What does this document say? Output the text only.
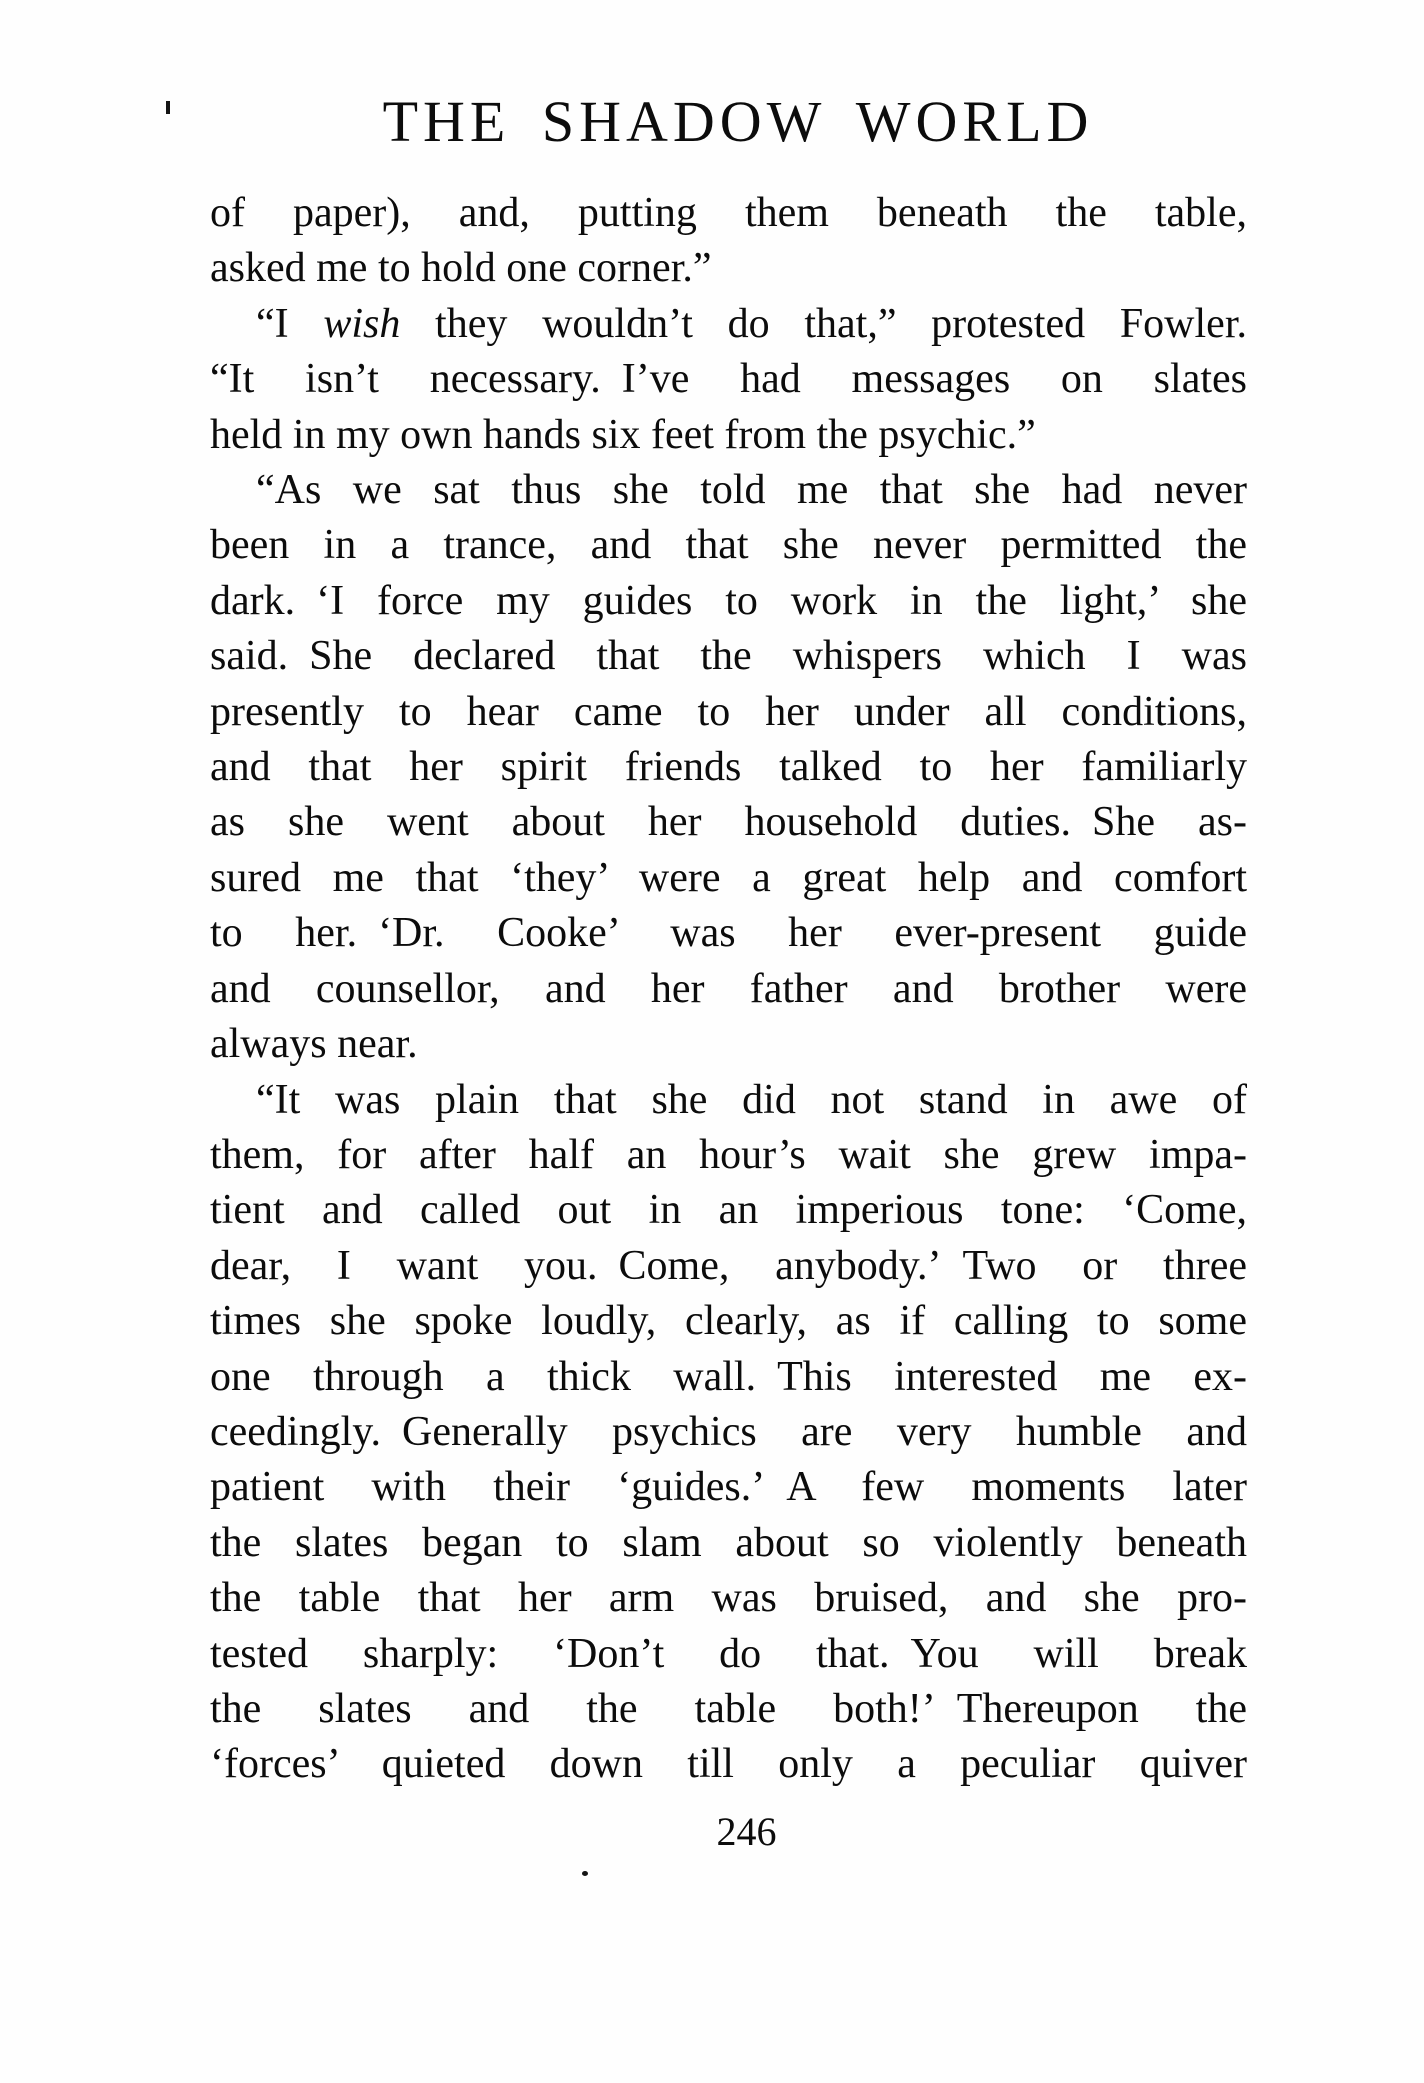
THE SHADOW WORLD
of paper), and, putting them beneath the table,
asked me to hold one corner.”
“I wish they wouldn’t do that,” protested Fowler.
“It isn’t necessary. I’ve had messages on slates
held in my own hands six feet from the psychic.”
“As we sat thus she told me that she had never
been in a trance, and that she never permitted the
dark. ‘I force my guides to work in the light,’ she
said. She declared that the whispers which I was
presently to hear came to her under all conditions,
and that her spirit friends talked to her familiarly
as she went about her household duties. She as-
sured me that ‘they’ were a great help and comfort
to her. ‘Dr. Cooke’ was her ever-present guide
and counsellor, and her father and brother were
always near.
“It was plain that she did not stand in awe of
them, for after half an hour’s wait she grew impa-
tient and called out in an imperious tone: ‘Come,
dear, I want you. Come, anybody.’ Two or three
times she spoke loudly, clearly, as if calling to some
one through a thick wall. This interested me ex-
ceedingly. Generally psychics are very humble and
patient with their ‘guides.’ A few moments later
the slates began to slam about so violently beneath
the table that her arm was bruised, and she pro-
tested sharply: ‘Don’t do that. You will break
the slates and the table both!’ Thereupon the
‘forces’ quieted down till only a peculiar quiver
246
